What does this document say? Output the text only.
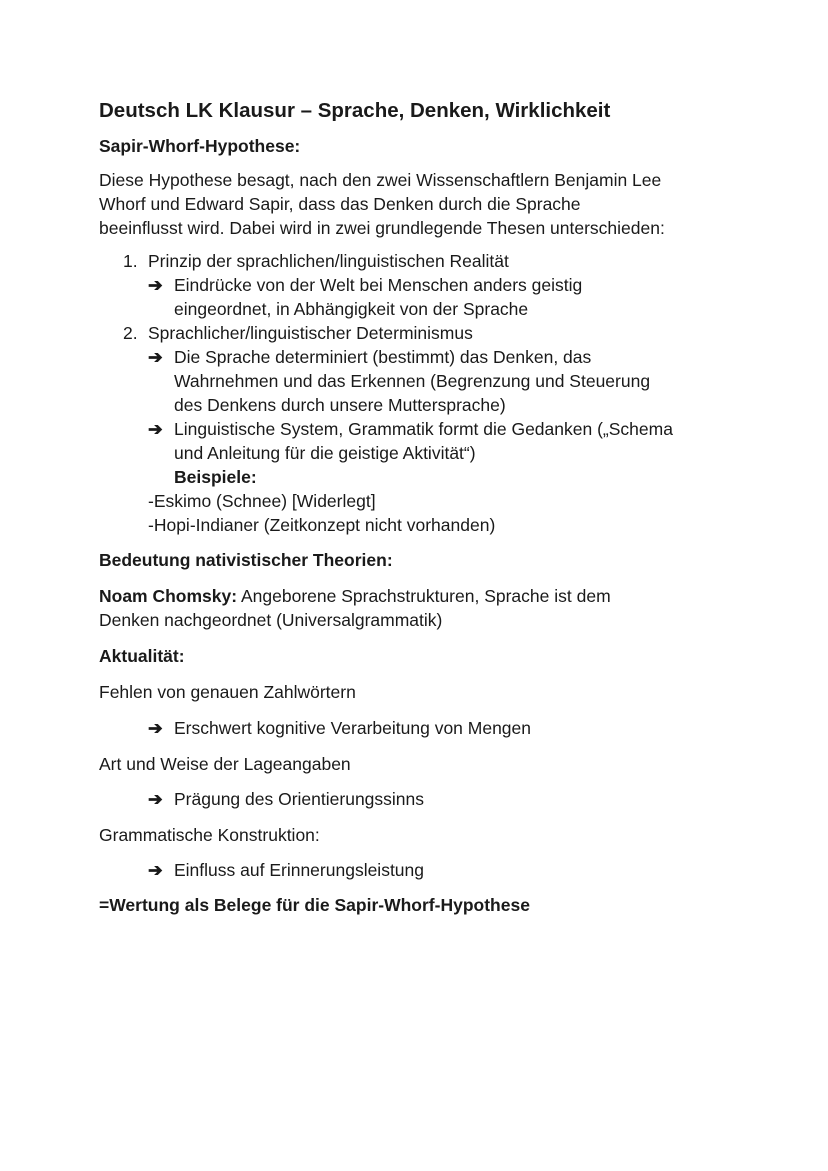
Deutsch LK Klausur – Sprache, Denken, Wirklichkeit
Sapir-Whorf-Hypothese:

Diese Hypothese besagt, nach den zwei Wissenschaftlern Benjamin Lee
Whorf und Edward Sapir, dass das Denken durch die Sprache
beeinflusst wird. Dabei wird in zwei grundlegende Thesen unterschieden:

1. Prinzip der sprachlichen/linguistischen Realität
➔ Eindrücke von der Welt bei Menschen anders geistig
eingeordnet, in Abhängigkeit von der Sprache
2. Sprachlicher/linguistischer Determinismus
➔ Die Sprache determiniert (bestimmt) das Denken, das
Wahrnehmen und das Erkennen (Begrenzung und Steuerung
des Denkens durch unsere Muttersprache)
➔ Linguistische System, Grammatik formt die Gedanken („Schema
und Anleitung für die geistige Aktivität“)
Beispiele:
-Eskimo (Schnee) [Widerlegt]
-Hopi-Indianer (Zeitkonzept nicht vorhanden)
Bedeutung nativistischer Theorien:

Noam Chomsky: Angeborene Sprachstrukturen, Sprache ist dem
Denken nachgeordnet (Universalgrammatik)

Aktualität:
Fehlen von genauen Zahlwörtern
➔ Erschwert kognitive Verarbeitung von Mengen
Art und Weise der Lageangaben
➔ Prägung des Orientierungssinns
Grammatische Konstruktion:
➔ Einfluss auf Erinnerungsleistung
=Wertung als Belege für die Sapir-Whorf-Hypothese
